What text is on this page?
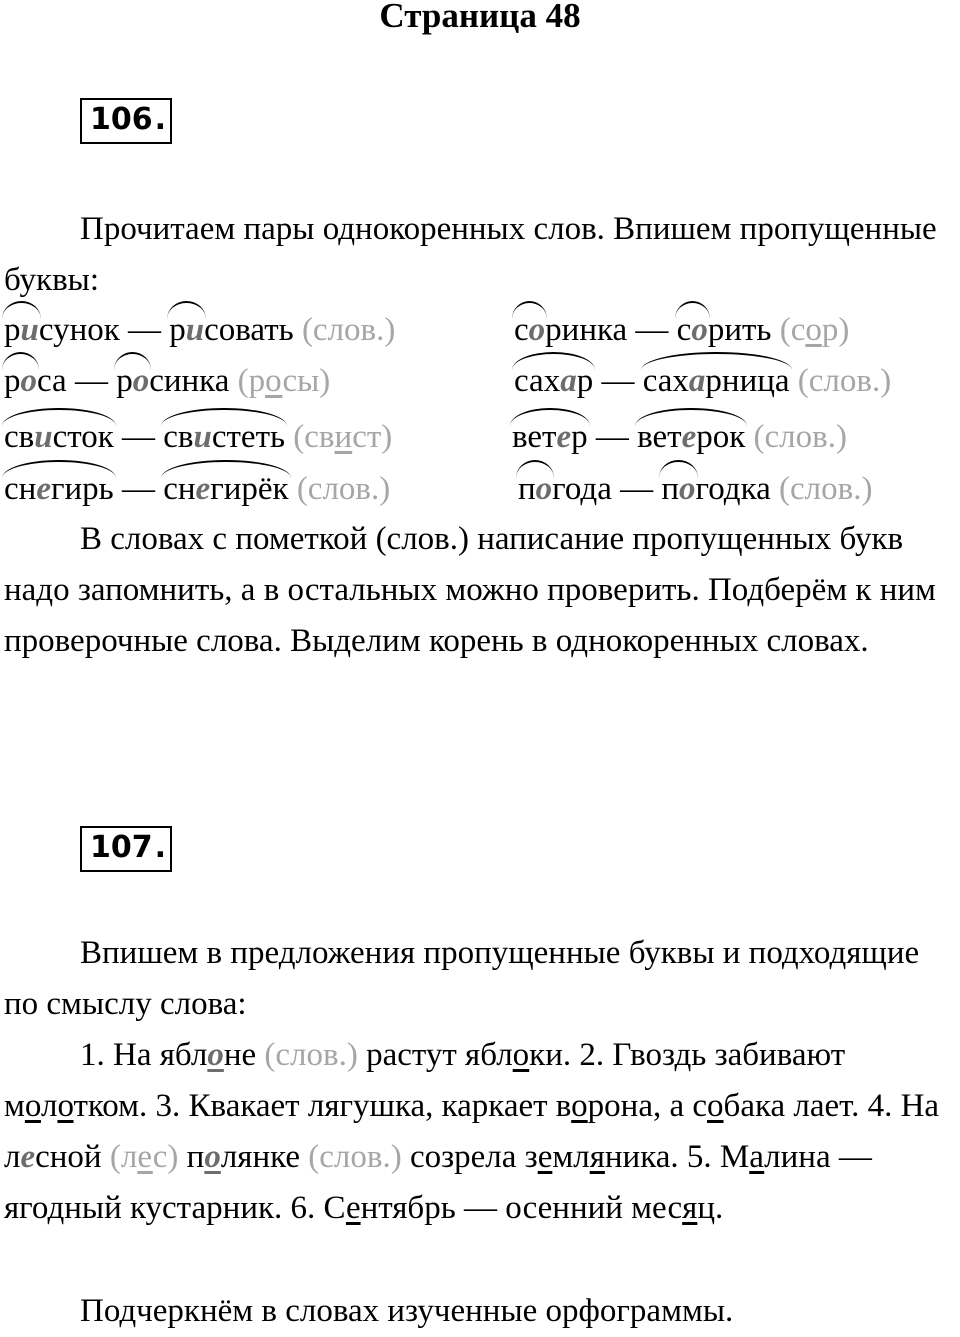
Страница 48
106 .
Прочитаем пары однокоренных слов. Впишем пропущенные буквы:
рисунок — рисовать (слов.)	соринка — сорить (сор)
роса — росинка (росы)	сахар — сахарница (слов.)
свисток — свистеть (свист)	ветер — ветерок (слов.)
снегирь — снегирёк (слов.)	погода — погодка (слов.)
В словах с пометкой (слов.) написание пропущенных букв надо запомнить, а в остальных можно проверить. Подберём к ним проверочные слова. Выделим корень в однокоренных словах.
107 .
Впишем в предложения пропущенные буквы и подходящие по смыслу слова:
1. На яблоне (слов.) растут яблоки. 2. Гвоздь забивают молотком. 3. Квакает лягушка, каркает ворона, а собака лает. 4. На лесной (лес) полянке (слов.) созрела земляника. 5. Малина — ягодный кустарник. 6. Сентябрь — осенний месяц.
Подчеркнём в словах изученные орфограммы.
